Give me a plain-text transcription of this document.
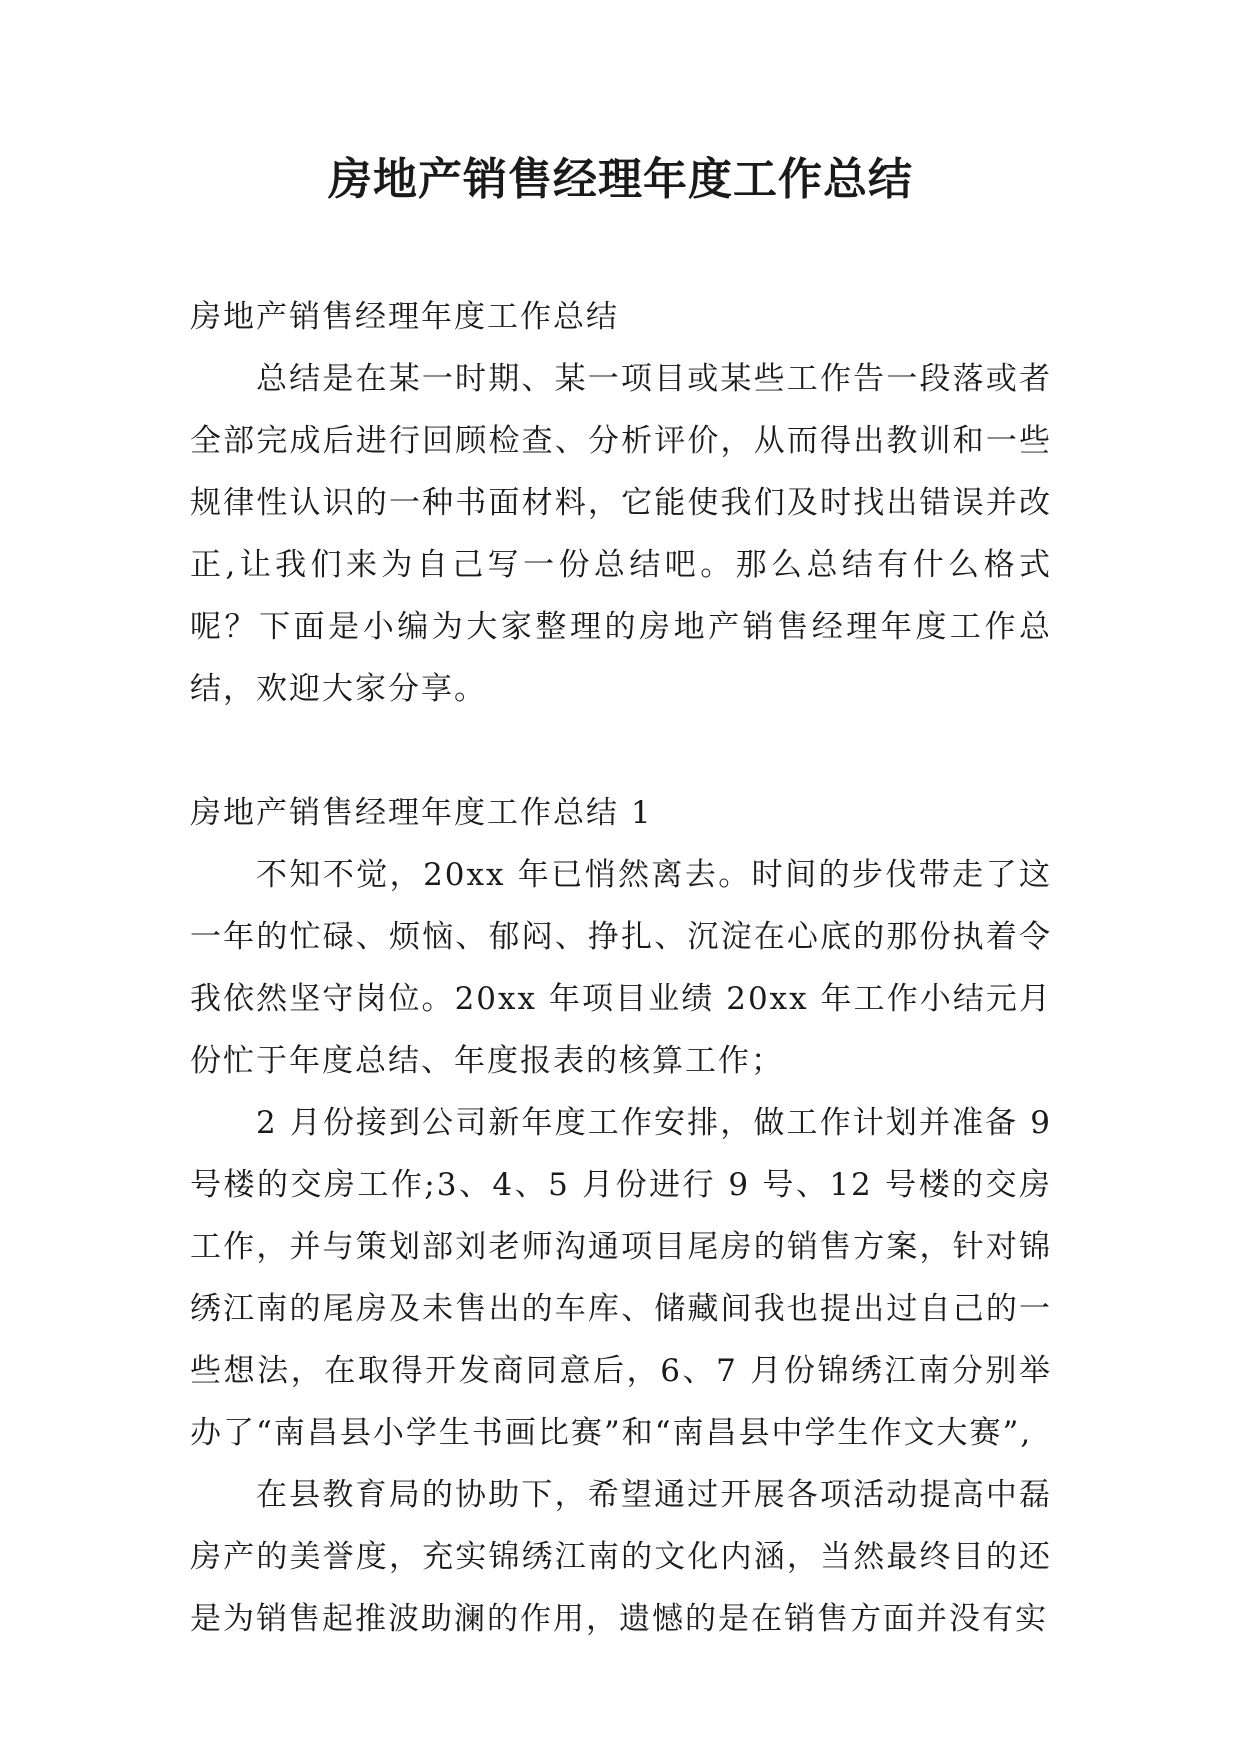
房地产销售经理年度工作总结

房地产销售经理年度工作总结

总结是在某一时期、某一项目或某些工作告一段落或者全部完成后进行回顾检查、分析评价，从而得出教训和一些规律性认识的一种书面材料，它能使我们及时找出错误并改正,让我们来为自己写一份总结吧。那么总结有什么格式呢？下面是小编为大家整理的房地产销售经理年度工作总结，欢迎大家分享。

房地产销售经理年度工作总结 1

不知不觉，20xx 年已悄然离去。时间的步伐带走了这一年的忙碌、烦恼、郁闷、挣扎、沉淀在心底的那份执着令我依然坚守岗位。20xx 年项目业绩 20xx 年工作小结元月份忙于年度总结、年度报表的核算工作；

2 月份接到公司新年度工作安排，做工作计划并准备 9 号楼的交房工作;3、4、5 月份进行 9 号、12 号楼的交房工作，并与策划部刘老师沟通项目尾房的销售方案，针对锦绣江南的尾房及未售出的车库、储藏间我也提出过自己的一些想法，在取得开发商同意后，6、7 月份锦绣江南分别举办了“南昌县小学生书画比赛”和“南昌县中学生作文大赛”,

在县教育局的协助下，希望通过开展各项活动提高中磊房产的美誉度，充实锦绣江南的文化内涵，当然最终目的还是为销售起推波助澜的作用，遗憾的是在销售方面并没有实
